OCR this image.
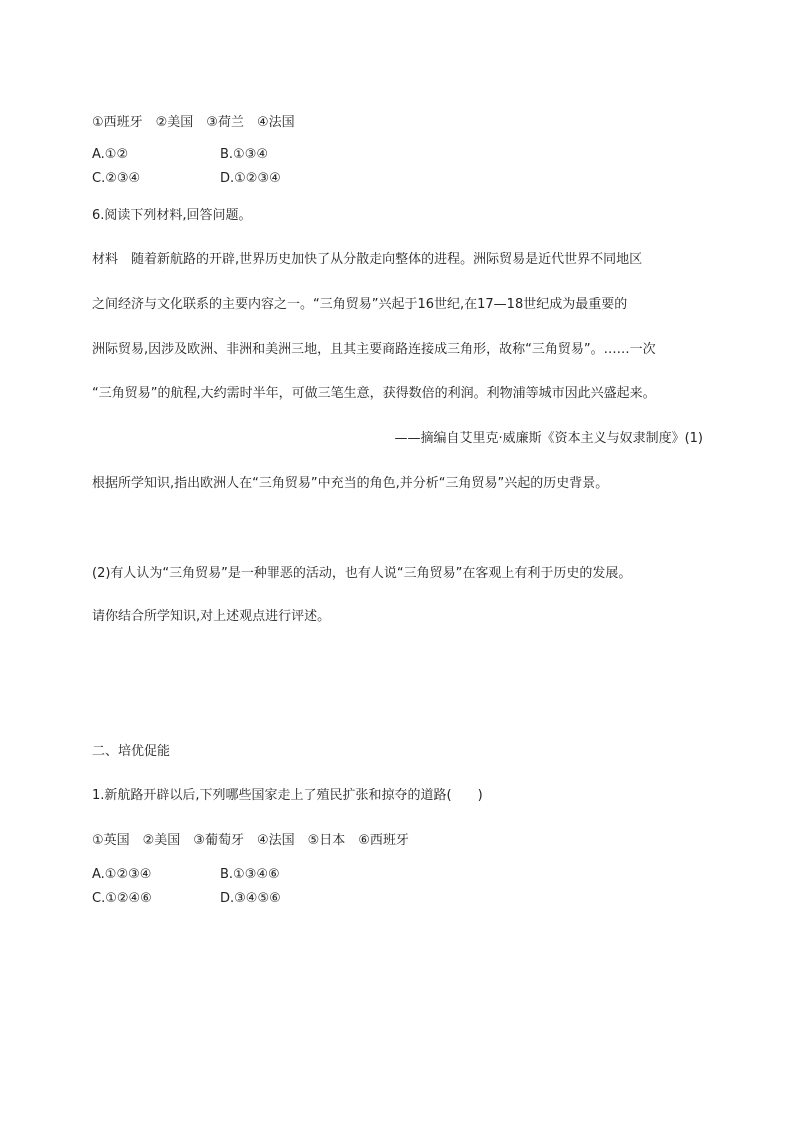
①西班牙　②美国　③荷兰　④法国
A.①②	B.①③④
C.②③④	D.①②③④
6.阅读下列材料,回答问题。
材料　随着新航路的开辟,世界历史加快了从分散走向整体的进程。洲际贸易是近代世界不同地区
之间经济与文化联系的主要内容之一。“三角贸易”兴起于16世纪,在17—18世纪成为最重要的
洲际贸易,因涉及欧洲、非洲和美洲三地，且其主要商路连接成三角形，故称“三角贸易”。……一次
“三角贸易”的航程,大约需时半年，可做三笔生意，获得数倍的利润。利物浦等城市因此兴盛起来。
——摘编自艾里克·威廉斯《资本主义与奴隶制度》(1)
根据所学知识,指出欧洲人在“三角贸易”中充当的角色,并分析“三角贸易”兴起的历史背景。
(2)有人认为“三角贸易”是一种罪恶的活动，也有人说“三角贸易”在客观上有利于历史的发展。
请你结合所学知识,对上述观点进行评述。
二、培优促能
1.新航路开辟以后,下列哪些国家走上了殖民扩张和掠夺的道路(　　)
①英国　②美国　③葡萄牙　④法国　⑤日本　⑥西班牙
A.①②③④	B.①③④⑥
C.①②④⑥	D.③④⑤⑥
